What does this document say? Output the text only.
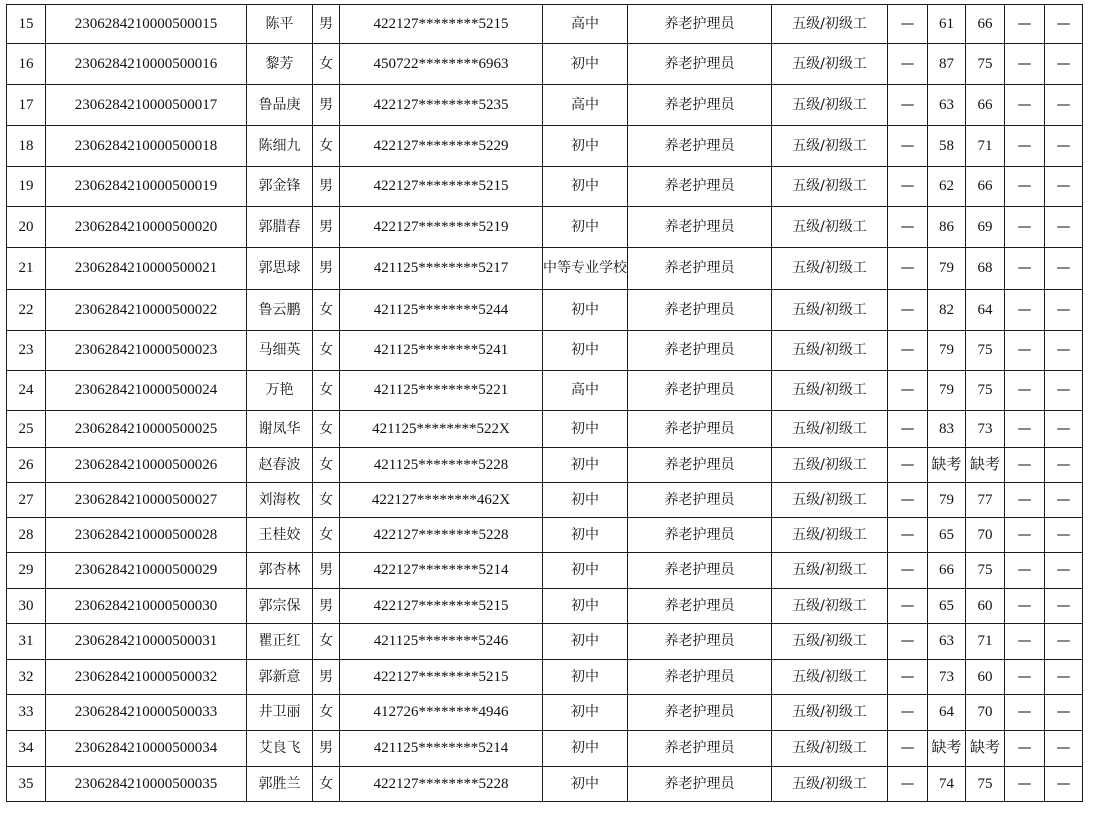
15	2306284210000500015	陈平	男	422127********5215	高中	养老护理员	五级/初级工	—	61	66	—	—
16	2306284210000500016	黎芳	女	450722********6963	初中	养老护理员	五级/初级工	—	87	75	—	—
17	2306284210000500017	鲁品庚	男	422127********5235	高中	养老护理员	五级/初级工	—	63	66	—	—
18	2306284210000500018	陈细九	女	422127********5229	初中	养老护理员	五级/初级工	—	58	71	—	—
19	2306284210000500019	郭金锋	男	422127********5215	初中	养老护理员	五级/初级工	—	62	66	—	—
20	2306284210000500020	郭腊春	男	422127********5219	初中	养老护理员	五级/初级工	—	86	69	—	—
21	2306284210000500021	郭思球	男	421125********5217	中等专业学校	养老护理员	五级/初级工	—	79	68	—	—
22	2306284210000500022	鲁云鹏	女	421125********5244	初中	养老护理员	五级/初级工	—	82	64	—	—
23	2306284210000500023	马细英	女	421125********5241	初中	养老护理员	五级/初级工	—	79	75	—	—
24	2306284210000500024	万艳	女	421125********5221	高中	养老护理员	五级/初级工	—	79	75	—	—
25	2306284210000500025	谢凤华	女	421125********522X	初中	养老护理员	五级/初级工	—	83	73	—	—
26	2306284210000500026	赵春波	女	421125********5228	初中	养老护理员	五级/初级工	—	缺考	缺考	—	—
27	2306284210000500027	刘海枚	女	422127********462X	初中	养老护理员	五级/初级工	—	79	77	—	—
28	2306284210000500028	王桂姣	女	422127********5228	初中	养老护理员	五级/初级工	—	65	70	—	—
29	2306284210000500029	郭杏林	男	422127********5214	初中	养老护理员	五级/初级工	—	66	75	—	—
30	2306284210000500030	郭宗保	男	422127********5215	初中	养老护理员	五级/初级工	—	65	60	—	—
31	2306284210000500031	瞿正红	女	421125********5246	初中	养老护理员	五级/初级工	—	63	71	—	—
32	2306284210000500032	郭新意	男	422127********5215	初中	养老护理员	五级/初级工	—	73	60	—	—
33	2306284210000500033	井卫丽	女	412726********4946	初中	养老护理员	五级/初级工	—	64	70	—	—
34	2306284210000500034	艾良飞	男	421125********5214	初中	养老护理员	五级/初级工	—	缺考	缺考	—	—
35	2306284210000500035	郭胜兰	女	422127********5228	初中	养老护理员	五级/初级工	—	74	75	—	—
